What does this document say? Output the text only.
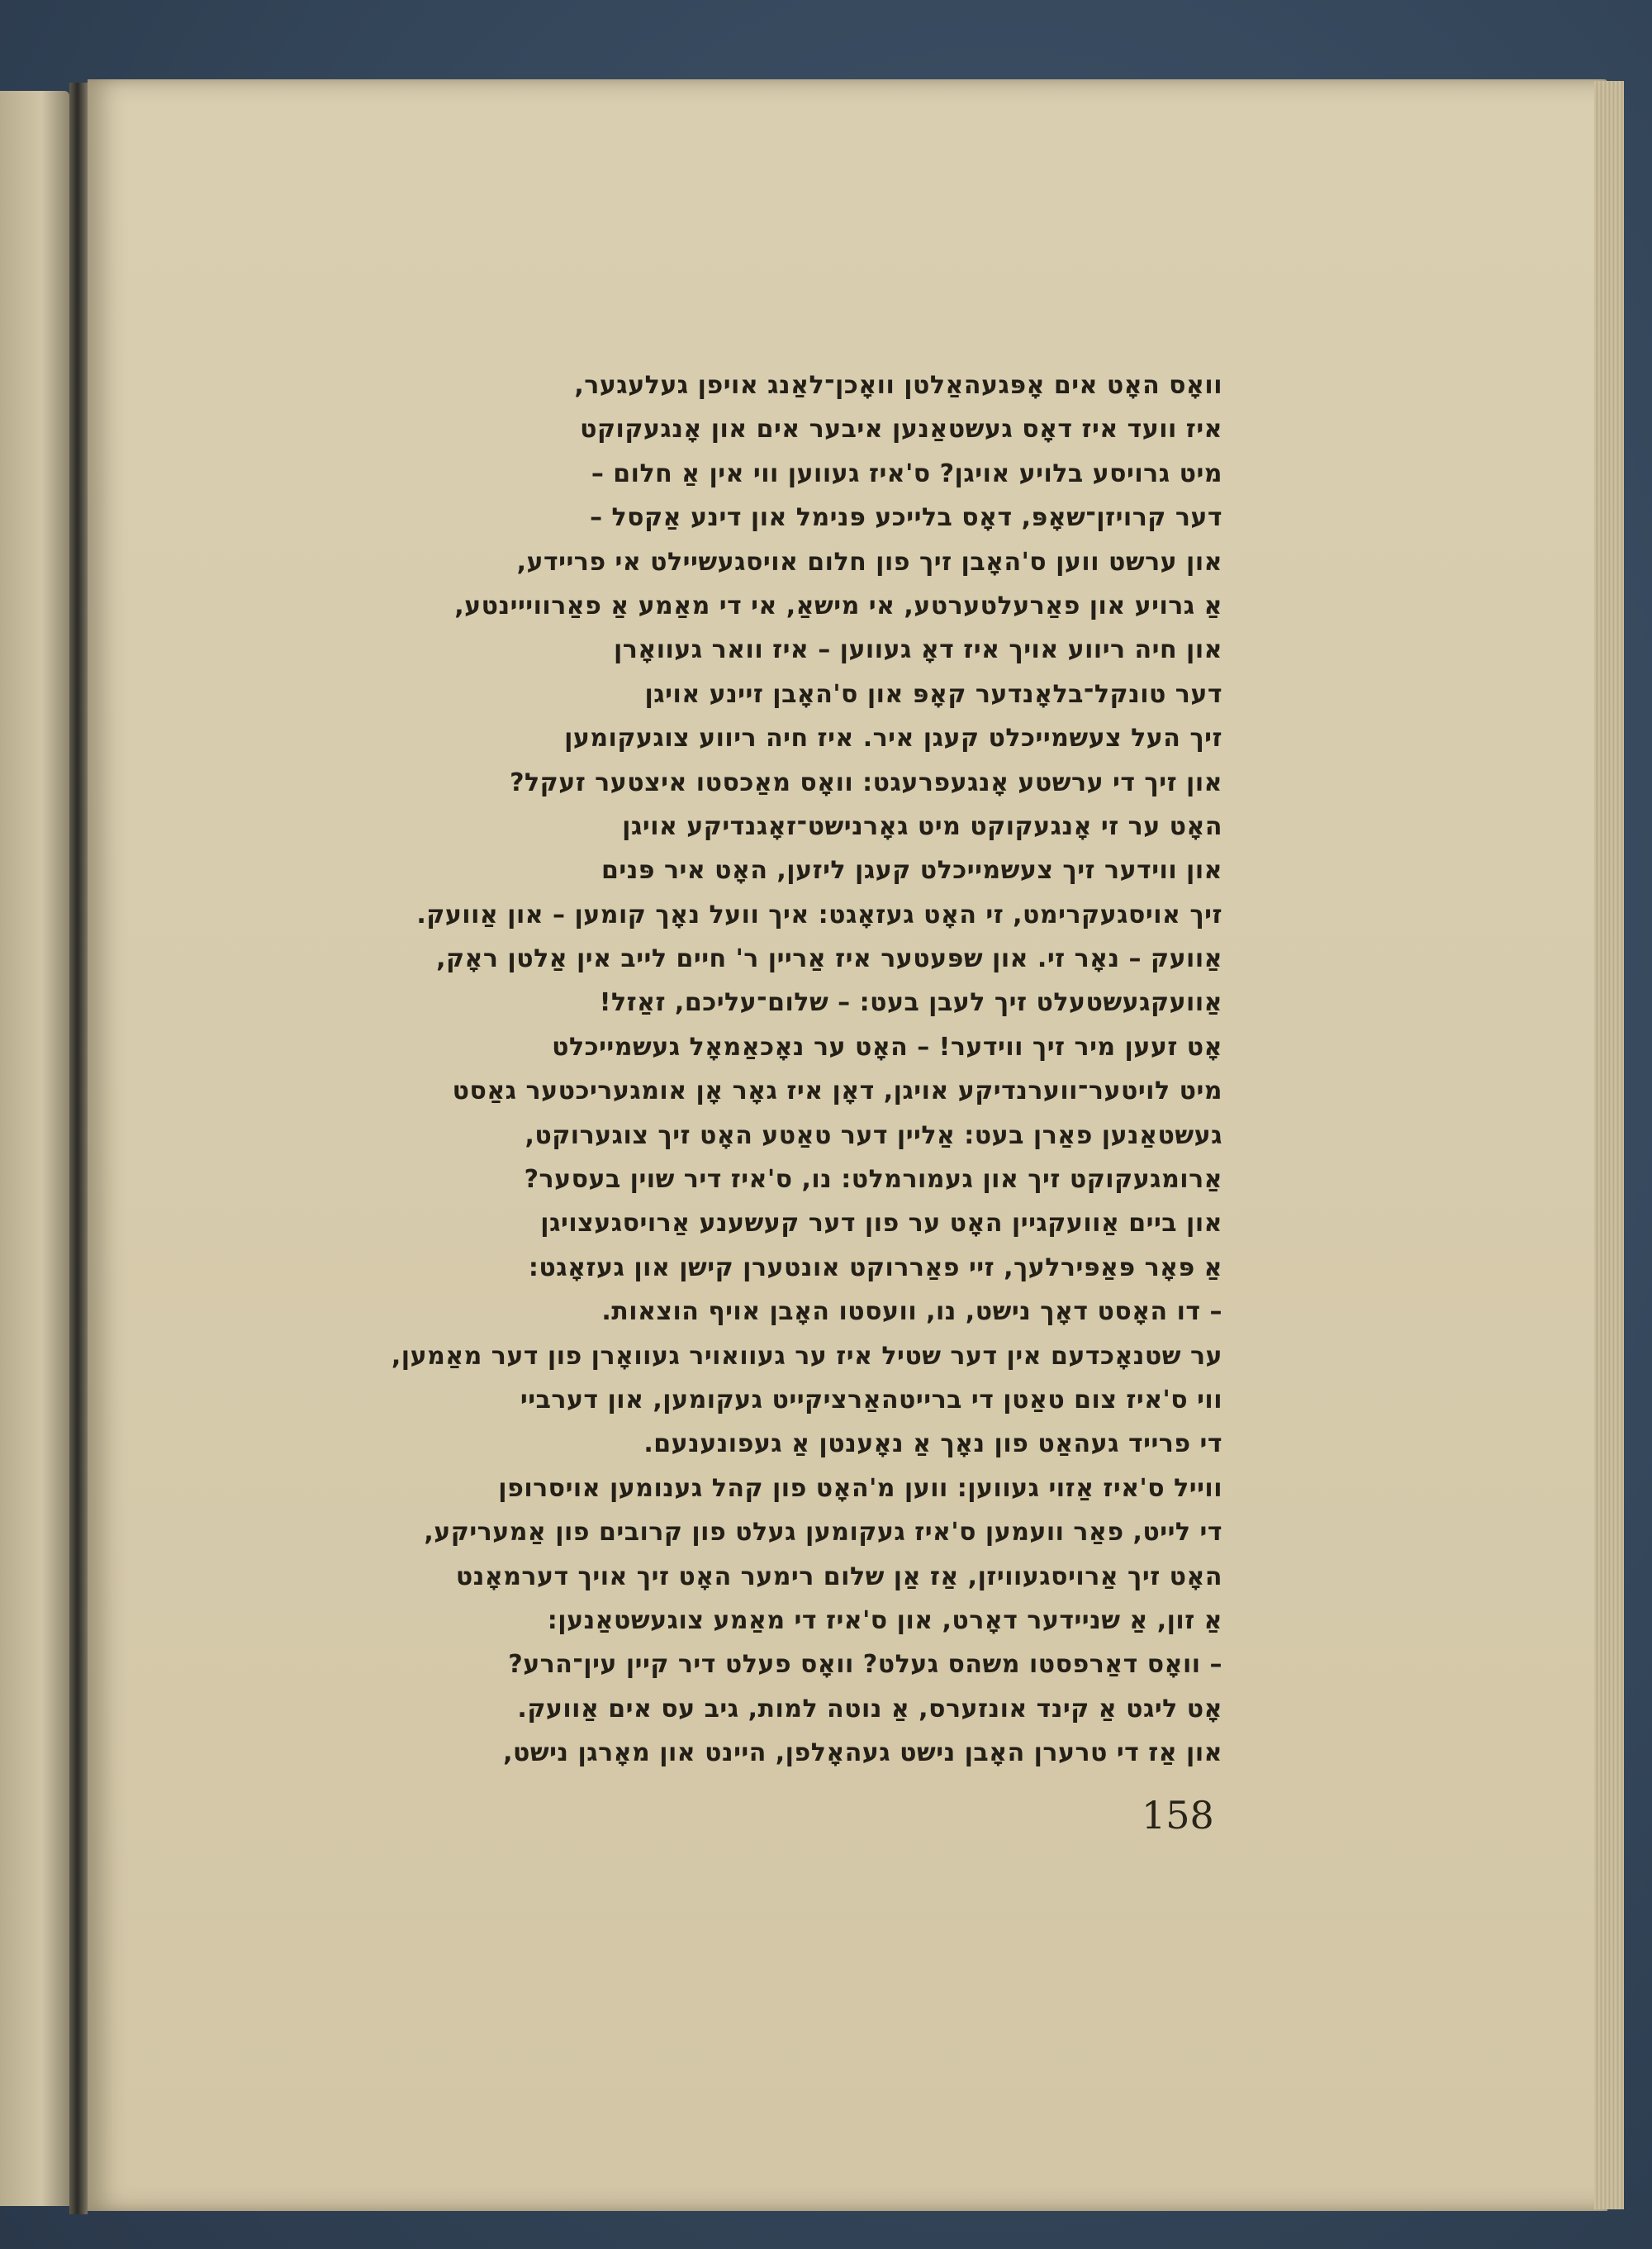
וואָס האָט אים אָפּגעהאַלטן וואָכן־לאַנג אויפן געלעגער,
איז וועד איז דאָס געשטאַנען איבער אים און אָנגעקוקט
מיט גרויסע בלויע אויגן? ס'איז געווען ווי אין אַ חלום –
דער קרויזן־שאָפּ, דאָס בלייכע פּנימל און דינע אַקסל –
און ערשט ווען ס'האָבן זיך פון חלום אויסגעשיילט אי פריידע,
אַ גרויע און פאַרעלטערטע, אי מישאַ, אי די מאַמע אַ פאַרווייינטע,
און חיה ריווע אויך איז דאָ געווען – איז וואר געוואָרן
דער טונקל־בלאָנדער קאָפּ און ס'האָבן זיינע אויגן
זיך העל צעשמייכלט קעגן איר. איז חיה ריווע צוגעקומען
און זיך די ערשטע אָנגעפרעגט: וואָס מאַכסטו איצטער זעקל?
האָט ער זי אָנגעקוקט מיט גאָרנישט־זאָגנדיקע אויגן
און ווידער זיך צעשמייכלט קעגן ליזען, האָט איר פּנים
זיך אויסגעקרימט, זי האָט געזאָגט: איך וועל נאָך קומען – און אַוועק.
אַוועק – נאָר זי. און שפּעטער איז אַריין ר' חיים לייב אין אַלטן ראָק,
אַוועקגעשטעלט זיך לעבן בעט: – שלום־עליכם, זאַזל!
אָט זעען מיר זיך ווידער! – האָט ער נאָכאַמאָל געשמייכלט
מיט לויטער־ווערנדיקע אויגן, דאָן איז גאָר אָן אומגעריכטער גאַסט
געשטאַנען פאַרן בעט: אַליין דער טאַטע האָט זיך צוגערוקט,
אַרומגעקוקט זיך און געמורמלט: נו, ס'איז דיר שוין בעסער?
און ביים אַוועקגיין האָט ער פון דער קעשענע אַרויסגעצויגן
אַ פּאָר פּאַפּירלעך, זיי פאַררוקט אונטערן קישן און געזאָגט:
– דו האָסט דאָך נישט, נו, וועסטו האָבן אויף הוצאות.
ער שטנאָכדעם אין דער שטיל איז ער געוואויר געוואָרן פון דער מאַמען,
ווי ס'איז צום טאַטן די ברייטהאַרציקייט געקומען, און דערביי
די פרייד געהאַט פון נאָך אַ נאָענטן אַ געפונענעם.
ווייל ס'איז אַזוי געווען: ווען מ'האָט פון קהל גענומען אויסרופן
די לייט, פאַר וועמען ס'איז געקומען געלט פון קרובים פון אַמעריקע,
האָט זיך אַרויסגעוויזן, אַז אַן שלום רימער האָט זיך אויך דערמאָנט
אַ זון, אַ שניידער דאָרט, און ס'איז די מאַמע צוגעשטאַנען:
– וואָס דאַרפסטו משהס געלט? וואָס פעלט דיר קיין עין־הרע?
אָט ליגט אַ קינד אונזערס, אַ נוטה למות, גיב עס אים אַוועק.
און אַז די טרערן האָבן נישט געהאָלפן, היינט און מאָרגן נישט,
158
